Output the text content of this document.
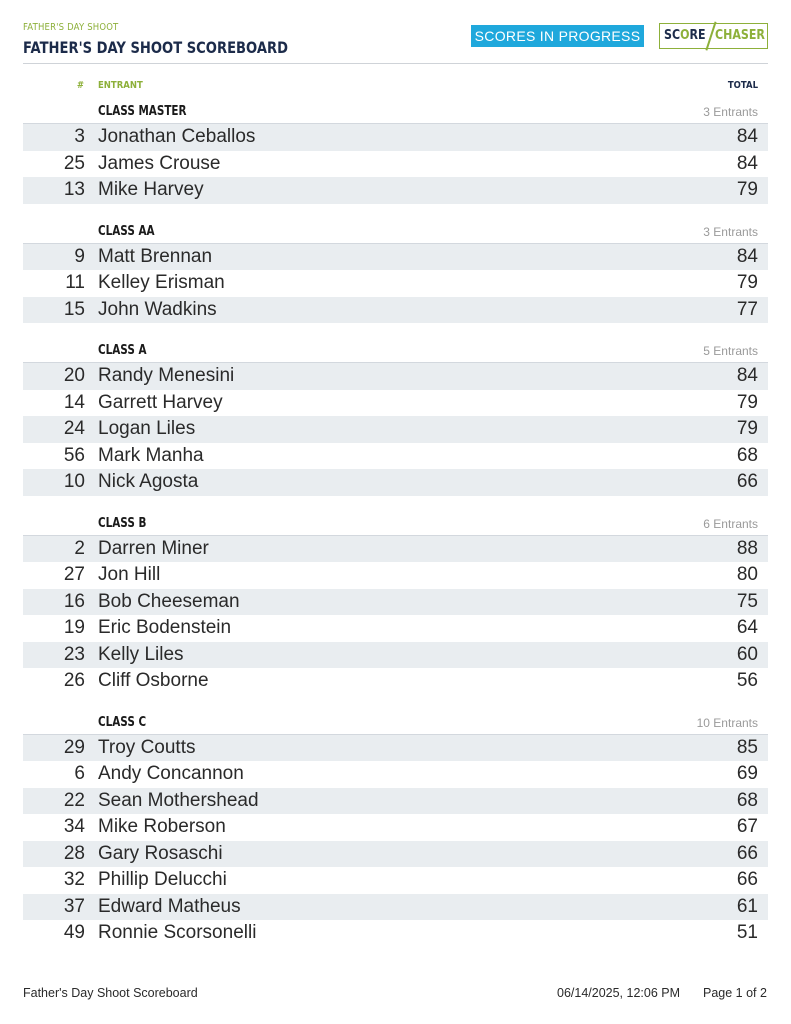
FATHER'S DAY SHOOT
FATHER'S DAY SHOOT SCOREBOARD
SCORES IN PROGRESS SCORE CHASER
# ENTRANT	TOTAL
CLASS MASTER	3 Entrants
3 Jonathan Ceballos	84
25 James Crouse	84
13 Mike Harvey	79
CLASS AA	3 Entrants
9 Matt Brennan	84
11 Kelley Erisman	79
15 John Wadkins	77
CLASS A	5 Entrants
20 Randy Menesini	84
14 Garrett Harvey	79
24 Logan Liles	79
56 Mark Manha	68
10 Nick Agosta	66
CLASS B	6 Entrants
2 Darren Miner	88
27 Jon Hill	80
16 Bob Cheeseman	75
19 Eric Bodenstein	64
23 Kelly Liles	60
26 Cliff Osborne	56
CLASS C	10 Entrants
29 Troy Coutts	85
6 Andy Concannon	69
22 Sean Mothershead	68
34 Mike Roberson	67
28 Gary Rosaschi	66
32 Phillip Delucchi	66
37 Edward Matheus	61
49 Ronnie Scorsonelli	51
Father's Day Shoot Scoreboard	06/14/2025, 12:06 PM Page 1 of 2
